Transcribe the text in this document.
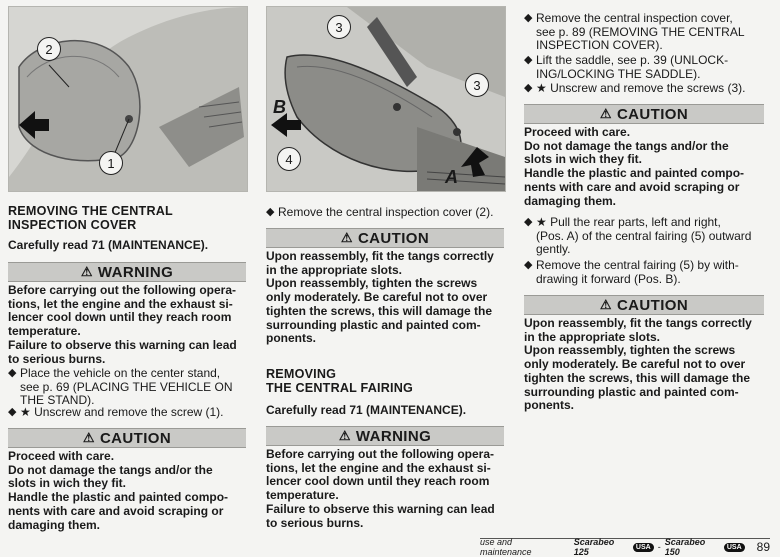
2
1
REMOVING THE CENTRAL
INSPECTION COVER
Carefully read 71 (MAINTENANCE).
⚠ WARNING
Before carrying out the following opera-
tions, let the engine and the exhaust si-
lencer cool down until they reach room
temperature.
Failure to observe this warning can lead
to serious burns.
◆ Place the vehicle on the center stand,
see p. 69 (PLACING THE VEHICLE ON
THE STAND).
◆ ★ Unscrew and remove the screw (1).
⚠ CAUTION
Proceed with care.
Do not damage the tangs and/or the
slots in wich they fit.
Handle the plastic and painted compo-
nents with care and avoid scraping or
damaging them.
3
3
4
B
A
◆ Remove the central inspection cover (2).
⚠ CAUTION
Upon reassembly, fit the tangs correctly
in the appropriate slots.
Upon reassembly, tighten the screws
only moderately. Be careful not to over
tighten the screws, this will damage the
surrounding plastic and painted com-
ponents.
REMOVING
THE CENTRAL FAIRING
Carefully read 71 (MAINTENANCE).
⚠ WARNING
Before carrying out the following opera-
tions, let the engine and the exhaust si-
lencer cool down until they reach room
temperature.
Failure to observe this warning can lead
to serious burns.
◆ Remove the central inspection cover,
see p. 89 (REMOVING THE CENTRAL
INSPECTION COVER).
◆ Lift the saddle, see p. 39 (UNLOCK-
ING/LOCKING THE SADDLE).
◆ ★ Unscrew and remove the screws (3).
⚠ CAUTION
Proceed with care.
Do not damage the tangs and/or the
slots in wich they fit.
Handle the plastic and painted compo-
nents with care and avoid scraping or
damaging them.
◆ ★ Pull the rear parts, left and right,
(Pos. A) of the central fairing (5) outward
gently.
◆ Remove the central fairing (5) by with-
drawing it forward (Pos. B).
⚠ CAUTION
Upon reassembly, fit the tangs correctly
in the appropriate slots.
Upon reassembly, tighten the screws
only moderately. Be careful not to over
tighten the screws, this will damage the
surrounding plastic and painted com-
ponents.
use and maintenance
Scarabeo 125	USA - Scarabeo 150	USA 89
